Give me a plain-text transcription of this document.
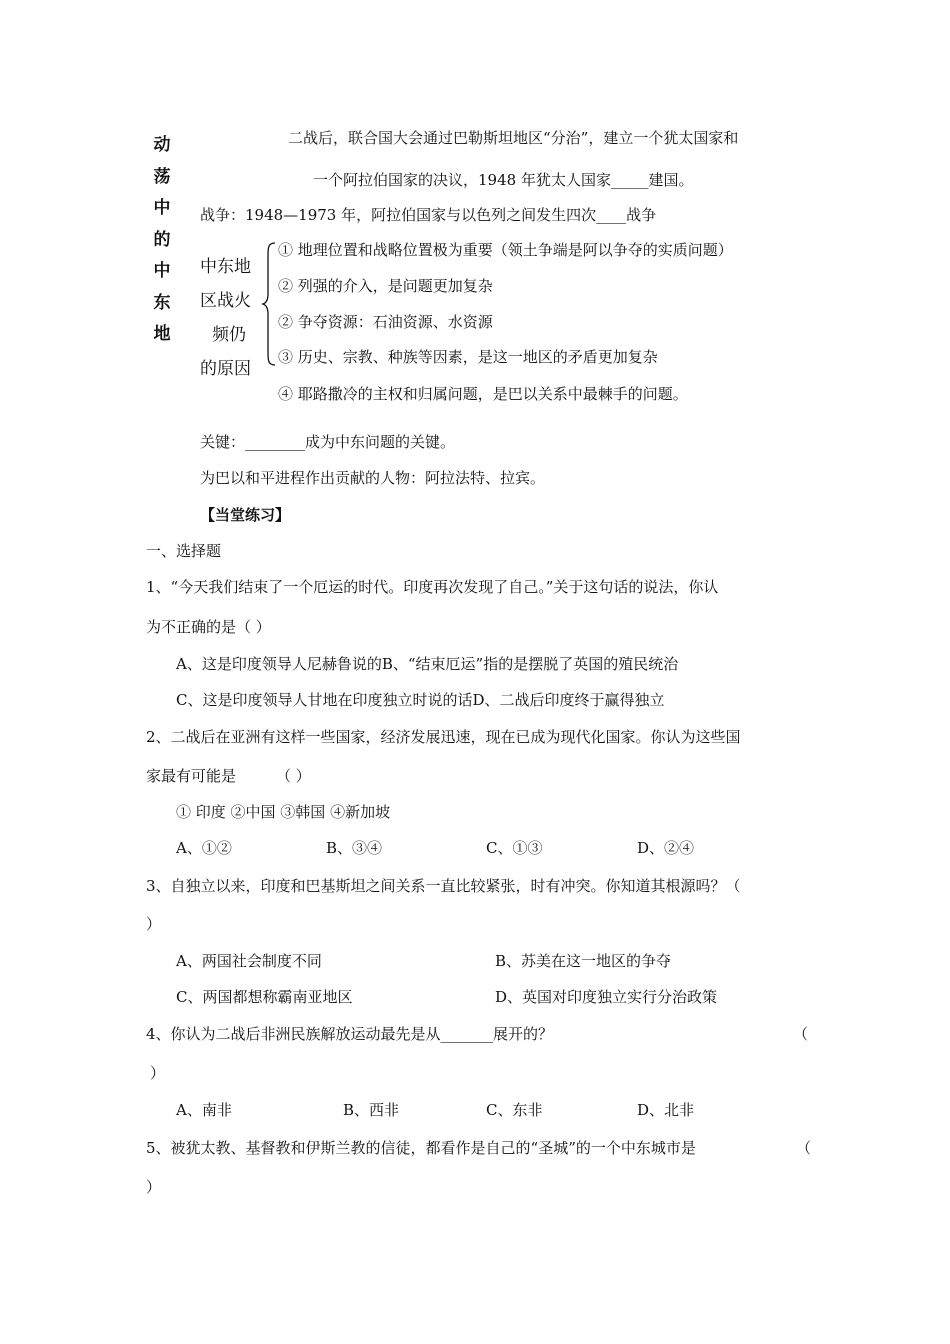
动
荡
中
的
中
东
地
二战后，联合国大会通过巴勒斯坦地区“分治”，建立一个犹太国家和
一个阿拉伯国家的决议，1948 年犹太人国家_____建国。
战争：1948—1973 年，阿拉伯国家与以色列之间发生四次____战争
中东地
区战火
频仍
的原因
① 地理位置和战略位置极为重要（领土争端是阿以争夺的实质问题）
② 列强的介入，是问题更加复杂
② 争夺资源：石油资源、水资源
③ 历史、宗教、种族等因素，是这一地区的矛盾更加复杂
④ 耶路撒冷的主权和归属问题，是巴以关系中最棘手的问题。
关键：________成为中东问题的关键。
为巴以和平进程作出贡献的人物：阿拉法特、拉宾。
【当堂练习】
一、选择题
1、“今天我们结束了一个厄运的时代。印度再次发现了自己。”关于这句话的说法，你认
为不正确的是（ ）
A、这是印度领导人尼赫鲁说的B、“结束厄运”指的是摆脱了英国的殖民统治
C、这是印度领导人甘地在印度独立时说的话D、二战后印度终于赢得独立
2、二战后在亚洲有这样一些国家，经济发展迅速，现在已成为现代化国家。你认为这些国
家最有可能是	（ ）
① 印度 ②中国 ③韩国 ④新加坡
A、①②	B、③④	C、①③	D、②④
3、自独立以来，印度和巴基斯坦之间关系一直比较紧张，时有冲突。你知道其根源吗？（
）
A、两国社会制度不同	B、苏美在这一地区的争夺
C、两国都想称霸南亚地区	D、英国对印度独立实行分治政策
4、你认为二战后非洲民族解放运动最先是从_______展开的？	（
）
A、南非	B、西非	C、东非	D、北非
5、被犹太教、基督教和伊斯兰教的信徒，都看作是自己的“圣城”的一个中东城市是	（
）
